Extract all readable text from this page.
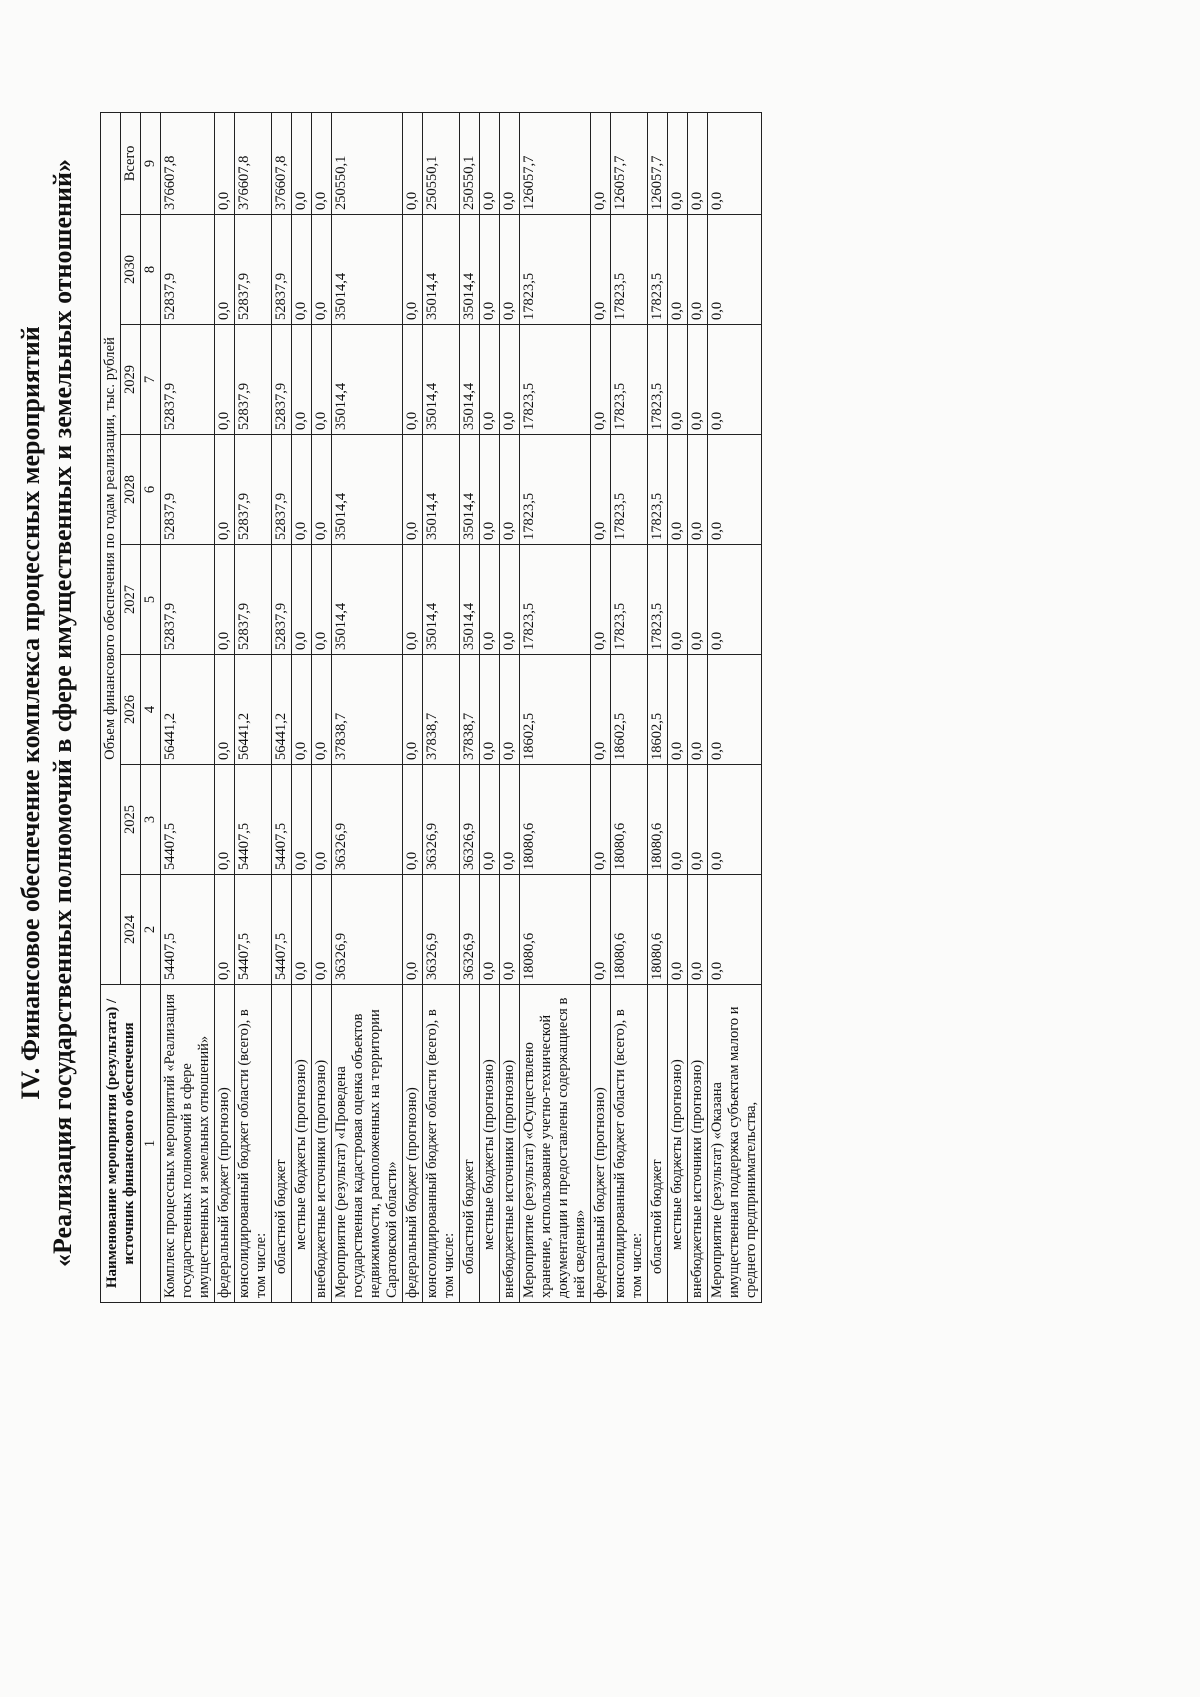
IV. Финансовое обеспечение комплекса процессных мероприятий «Реализация государственных полномочий в сфере имущественных и земельных отношений» Наименование мероприятия (результата) / источник финансового обеспечения	Объем финансового обеспечения по годам реализации, тыс. рублей							
	2024	2025	2026	2027	2028	2029	2030	Всего
1	2	3	4	5	6	7	8	9
Комплекс процессных мероприятий «Реализация государственных полномочий в сфере имущественных и земельных отношений»	54407,5	54407,5	56441,2	52837,9	52837,9	52837,9	52837,9	376607,8
федеральный бюджет (прогнозно)	0,0	0,0	0,0	0,0	0,0	0,0	0,0	0,0
консолидированный бюджет области (всего), в том числе:	54407,5	54407,5	56441,2	52837,9	52837,9	52837,9	52837,9	376607,8
областной бюджет	54407,5	54407,5	56441,2	52837,9	52837,9	52837,9	52837,9	376607,8
местные бюджеты (прогнозно)	0,0	0,0	0,0	0,0	0,0	0,0	0,0	0,0
внебюджетные источники (прогнозно)	0,0	0,0	0,0	0,0	0,0	0,0	0,0	0,0
Мероприятие (результат) «Проведена государственная кадастровая оценка объектов недвижимости, расположенных на территории Саратовской области»	36326,9	36326,9	37838,7	35014,4	35014,4	35014,4	35014,4	250550,1
федеральный бюджет (прогнозно)	0,0	0,0	0,0	0,0	0,0	0,0	0,0	0,0
консолидированный бюджет области (всего), в том числе:	36326,9	36326,9	37838,7	35014,4	35014,4	35014,4	35014,4	250550,1
областной бюджет	36326,9	36326,9	37838,7	35014,4	35014,4	35014,4	35014,4	250550,1
местные бюджеты (прогнозно)	0,0	0,0	0,0	0,0	0,0	0,0	0,0	0,0
внебюджетные источники (прогнозно)	0,0	0,0	0,0	0,0	0,0	0,0	0,0	0,0
Мероприятие (результат) «Осуществлено хранение, использование учетно-технической документации и предоставлены содержащиеся в ней сведения»	18080,6	18080,6	18602,5	17823,5	17823,5	17823,5	17823,5	126057,7
федеральный бюджет (прогнозно)	0,0	0,0	0,0	0,0	0,0	0,0	0,0	0,0
консолидированный бюджет области (всего), в том числе:	18080,6	18080,6	18602,5	17823,5	17823,5	17823,5	17823,5	126057,7
областной бюджет	18080,6	18080,6	18602,5	17823,5	17823,5	17823,5	17823,5	126057,7
местные бюджеты (прогнозно)	0,0	0,0	0,0	0,0	0,0	0,0	0,0	0,0
внебюджетные источники (прогнозно)	0,0	0,0	0,0	0,0	0,0	0,0	0,0	0,0
Мероприятие (результат) «Оказана имущественная поддержка субъектам малого и среднего предпринимательства,	0,0	0,0	0,0	0,0	0,0	0,0	0,0	0,0
